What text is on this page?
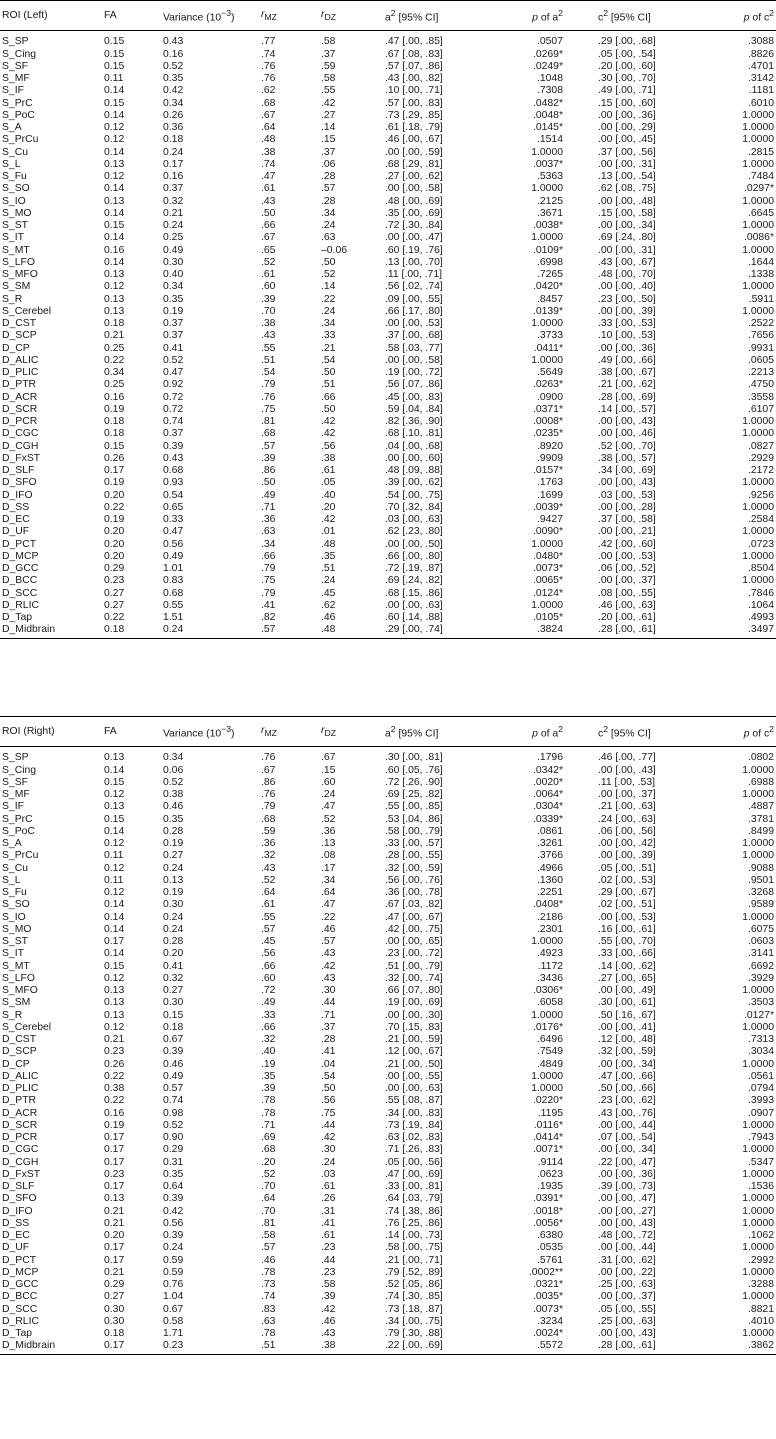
ROI (Left)	FA	Variance $(10^{-3})$	$r_{MZ}$	$r_{DZ}$	$a^2$ [95% CI]	p of $a^2$		$c^2$ [95% CI]	p of $c^2$
S_SP	0.15	0.43	.77	.58	.47 [.00, .85]	.0507		.29 [.00, .68]	.3088
S_Cing	0.15	0.16	.74	.37	.67 [.08, .83]	.0269*		.05 [.00, .54]	.8826
S_SF	0.15	0.52	.76	.59	.57 [.07, .86]	.0249*		.20 [.00, .60]	.4701
S_MF	0.11	0.35	.76	.58	.43 [.00, .82]	.1048		.30 [.00, .70]	.3142
S_IF	0.14	0.42	.62	.55	.10 [.00, .71]	.7308		.49 [.00, .71]	.1181
S_PrC	0.15	0.34	.68	.42	.57 [.00, .83]	.0482*		.15 [.00, .60]	.6010
S_PoC	0.14	0.26	.67	.27	.73 [.29, .85]	.0048*		.00 [.00, .36]	1.0000
S_A	0.12	0.36	.64	.14	.61 [.18, .79]	.0145*		.00 [.00, .29]	1.0000
S_PrCu	0.12	0.18	.48	.15	.46 [.00, .67]	.1514		.00 [.00, .45]	1.0000
S_Cu	0.14	0.24	.38	.37	.00 [.00, .59]	1.0000		.37 [.00, .56]	.2815
S_L	0.13	0.17	.74	.06	.68 [.29, .81]	.0037*		.00 [.00, .31]	1.0000
S_Fu	0.12	0.16	.47	.28	.27 [.00, .62]	.5363		.13 [.00, .54]	.7484
S_SO	0.14	0.37	.61	.57	.00 [.00, .58]	1.0000		.62 [.08, .75]	.0297*
S_IO	0.13	0.32	.43	.28	.48 [.00, .69]	.2125		.00 [.00, .48]	1.0000
S_MO	0.14	0.21	.50	.34	.35 [.00, .69]	.3671		.15 [.00, .58]	.6645
S_ST	0.15	0.24	.66	.24	.72 [.30, .84]	.0038*		.00 [.00, .34]	1.0000
S_IT	0.14	0.25	.67	.63	.00 [.00, .47]	1.0000		.69 [.24, .80]	.0086*
S_MT	0.16	0.49	.65	–0.06	.60 [.19, .76]	.0109*		.00 [.00, .31]	1.0000
S_LFO	0.14	0.30	.52	.50	.13 [.00, .70]	.6998		.43 [.00, .67]	.1644
S_MFO	0.13	0.40	.61	.52	.11 [.00, .71]	.7265		.48 [.00, .70]	.1338
S_SM	0.12	0.34	.60	.14	.56 [.02, .74]	.0420*		.00 [.00, .40]	1.0000
S_R	0.13	0.35	.39	.22	.09 [.00, .55]	.8457		.23 [.00, .50]	.5911
S_Cerebel	0.13	0.19	.70	.24	.66 [.17, .80]	.0139*		.00 [.00, .39]	1.0000
D_CST	0.18	0.37	.38	.34	.00 [.00, .53]	1.0000		.33 [.00, .53]	.2522
D_SCP	0.21	0.37	.43	.33	.37 [.00, .68]	.3733		.10 [.00, .53]	.7656
D_CP	0.25	0.41	.55	.21	.58 [.03, .77]	.0411*		.00 [.00, .36]	.9931
D_ALIC	0.22	0.52	.51	.54	.00 [.00, .58]	1.0000		.49 [.00, .66]	.0605
D_PLIC	0.34	0.47	.54	.50	.19 [.00, .72]	.5649		.38 [.00, .67]	.2213
D_PTR	0.25	0.92	.79	.51	.56 [.07, .86]	.0263*		.21 [.00, .62]	.4750
D_ACR	0.16	0.72	.76	.66	.45 [.00, .83]	.0900		.28 [.00, .69]	.3558
D_SCR	0.19	0.72	.75	.50	.59 [.04, .84]	.0371*		.14 [.00, .57]	.6107
D_PCR	0.18	0.74	.81	.42	.82 [.36, .90]	.0008*		.00 [.00, .43]	1.0000
D_CGC	0.18	0.37	.68	.42	.68 [.10, .81]	.0235*		.00 [.00, .46]	1.0000
D_CGH	0.15	0.39	.57	.56	.04 [.00, .68]	.8920		.52 [.00, .70]	.0827
D_FxST	0.26	0.43	.39	.38	.00 [.00, .60]	.9909		.38 [.00, .57]	.2929
D_SLF	0.17	0.68	.86	.61	.48 [.09, .88]	.0157*		.34 [.00, .69]	.2172
D_SFO	0.19	0.93	.50	.05	.39 [.00, .62]	.1763		.00 [.00, .43]	1.0000
D_IFO	0.20	0.54	.49	.40	.54 [.00, .75]	.1699		.03 [.00, .53]	.9256
D_SS	0.22	0.65	.71	.20	.70 [.32, .84]	.0039*		.00 [.00, .28]	1.0000
D_EC	0.19	0.33	.36	.42	.03 [.00, .63]	.9427		.37 [.00, .58]	.2584
D_UF	0.20	0.47	.63	.01	.62 [.23, .80]	.0090*		.00 [.00, .21]	1.0000
D_PCT	0.20	0.56	.34	.48	.00 [.00, .50]	1.0000		.42 [.00, .60]	.0723
D_MCP	0.20	0.49	.66	.35	.66 [.00, .80]	.0480*		.00 [.00, .53]	1.0000
D_GCC	0.29	1.01	.79	.51	.72 [.19, .87]	.0073*		.06 [.00, .52]	.8504
D_BCC	0.23	0.83	.75	.24	.69 [.24, .82]	.0065*		.00 [.00, .37]	1.0000
D_SCC	0.27	0.68	.79	.45	.68 [.15, .86]	.0124*		.08 [.00, .55]	.7846
D_RLIC	0.27	0.55	.41	.62	.00 [.00, .63]	1.0000		.46 [.00, .63]	.1064
D_Tap	0.22	1.51	.82	.46	.60 [.14, .88]	.0105*		.20 [.00, .61]	.4993
D_Midbrain	0.18	0.24	.57	.48	.29 [.00, .74]	.3824		.28 [.00, .61]	.3497
ROI (Right)	FA	Variance $(10^{-3})$	$r_{MZ}$	$r_{DZ}$	$a^2$ [95% CI]	p of $a^2$		$c^2$ [95% CI]	p of $c^2$
S_SP	0.13	0.34	.76	.67	.30 [.00, .81]	.1796		.46 [.00, .77]	.0802
S_Cing	0.14	0.06	.67	.15	.60 [.05, .76]	.0342*		.00 [.00, .43]	1.0000
S_SF	0.15	0.52	.86	.60	.72 [.26, .90]	.0020*		.11 [.00, .53]	.6988
S_MF	0.12	0.38	.76	.24	.69 [.25, .82]	.0064*		.00 [.00, .37]	1.0000
S_IF	0.13	0.46	.79	.47	.55 [.00, .85]	.0304*		.21 [.00, .63]	.4887
S_PrC	0.15	0.35	.68	.52	.53 [.04, .86]	.0339*		.24 [.00, .63]	.3781
S_PoC	0.14	0.28	.59	.36	.58 [.00, .79]	.0861		.06 [.00, .56]	.8499
S_A	0.12	0.19	.36	.13	.33 [.00, .57]	.3261		.00 [.00, .42]	1.0000
S_PrCu	0.11	0.27	.32	.08	.28 [.00, .55]	.3766		.00 [.00, .39]	1.0000
S_Cu	0.12	0.24	.43	.17	.32 [.00, .59]	.4966		.05 [.00, .51]	.9088
S_L	0.11	0.13	.52	.34	.56 [.00, .76]	.1360		.02 [.00, .53]	.9501
S_Fu	0.12	0.19	.64	.64	.36 [.00, .78]	.2251		.29 [.00, .67]	.3268
S_SO	0.14	0.30	.61	.47	.67 [.03, .82]	.0408*		.02 [.00, .51]	.9589
S_IO	0.14	0.24	.55	.22	.47 [.00, .67]	.2186		.00 [.00, .53]	1.0000
S_MO	0.14	0.24	.57	.46	.42 [.00, .75]	.2301		.16 [.00, .61]	.6075
S_ST	0.17	0.28	.45	.57	.00 [.00, .65]	1.0000		.55 [.00, .70]	.0603
S_IT	0.14	0.20	.56	.43	.23 [.00, .72]	.4923		.33 [.00, .66]	.3141
S_MT	0.15	0.41	.66	.42	.51 [.00, .79]	.1172		.14 [.00, .62]	.6692
S_LFO	0.12	0.32	.60	.43	.32 [.00, .74]	.3436		.27 [.00, .65]	.3929
S_MFO	0.13	0.27	.72	.30	.66 [.07, .80]	.0306*		.00 [.00, .49]	1.0000
S_SM	0.13	0.30	.49	.44	.19 [.00, .69]	.6058		.30 [.00, .61]	.3503
S_R	0.13	0.15	.33	.71	.00 [.00, .30]	1.0000		.50 [.16, .67]	.0127*
S_Cerebel	0.12	0.18	.66	.37	.70 [.15, .83]	.0176*		.00 [.00, .41]	1.0000
D_CST	0.21	0.67	.32	.28	.21 [.00, .59]	.6496		.12 [.00, .48]	.7313
D_SCP	0.23	0.39	.40	.41	.12 [.00, .67]	.7549		.32 [.00, .59]	.3034
D_CP	0.26	0.46	.19	.04	.21 [.00, .50]	.4849		.00 [.00, .34]	1.0000
D_ALIC	0.22	0.49	.35	.54	.00 [.00, .55]	1.0000		.47 [.00, .66]	.0561
D_PLIC	0.38	0.57	.39	.50	.00 [.00, .63]	1.0000		.50 [.00, .66]	.0794
D_PTR	0.22	0.74	.78	.56	.55 [.08, .87]	.0220*		.23 [.00, .62]	.3993
D_ACR	0.16	0.98	.78	.75	.34 [.00, .83]	.1195		.43 [.00, .76]	.0907
D_SCR	0.19	0.52	.71	.44	.73 [.19, .84]	.0116*		.00 [.00, .44]	1.0000
D_PCR	0.17	0.90	.69	.42	.63 [.02, .83]	.0414*		.07 [.00, .54]	.7943
D_CGC	0.17	0.29	.68	.30	.71 [.26, .83]	.0071*		.00 [.00, .34]	1.0000
D_CGH	0.17	0.31	.20	.24	.05 [.00, .56]	.9114		.22 [.00, .47]	.5347
D_FxST	0.23	0.35	.52	.03	.47 [.00, .69]	.0623		.00 [.00, .36]	1.0000
D_SLF	0.17	0.64	.70	.61	.33 [.00, .81]	.1935		.39 [.00, .73]	.1536
D_SFO	0.13	0.39	.64	.26	.64 [.03, .79]	.0391*		.00 [.00, .47]	1.0000
D_IFO	0.21	0.42	.70	.31	.74 [.38, .86]	.0018*		.00 [.00, .27]	1.0000
D_SS	0.21	0.56	.81	.41	.76 [.25, .86]	.0056*		.00 [.00, .43]	1.0000
D_EC	0.20	0.39	.58	.61	.14 [.00, .73]	.6380		.48 [.00, .72]	.1062
D_UF	0.17	0.24	.57	.23	.58 [.00, .75]	.0535		.00 [.00, .44]	1.0000
D_PCT	0.17	0.59	.46	.44	.21 [.00, .71]	.5761		.31 [.00, .62]	.2992
D_MCP	0.21	0.59	.78	.23	.79 [.52, .89]	.0002**		.00 [.00, .22]	1.0000
D_GCC	0.29	0.76	.73	.58	.52 [.05, .86]	.0321*		.25 [.00, .63]	.3288
D_BCC	0.27	1.04	.74	.39	.74 [.30, .85]	.0035*		.00 [.00, .37]	1.0000
D_SCC	0.30	0.67	.83	.42	.73 [.18, .87]	.0073*		.05 [.00, .55]	.8821
D_RLIC	0.30	0.58	.63	.46	.34 [.00, .75]	.3234		.25 [.00, .63]	.4010
D_Tap	0.18	1.71	.78	.43	.79 [.30, .88]	.0024*		.00 [.00, .43]	1.0000
D_Midbrain	0.17	0.23	.51	.38	.22 [.00, .69]	.5572		.28 [.00, .61]	.3862
